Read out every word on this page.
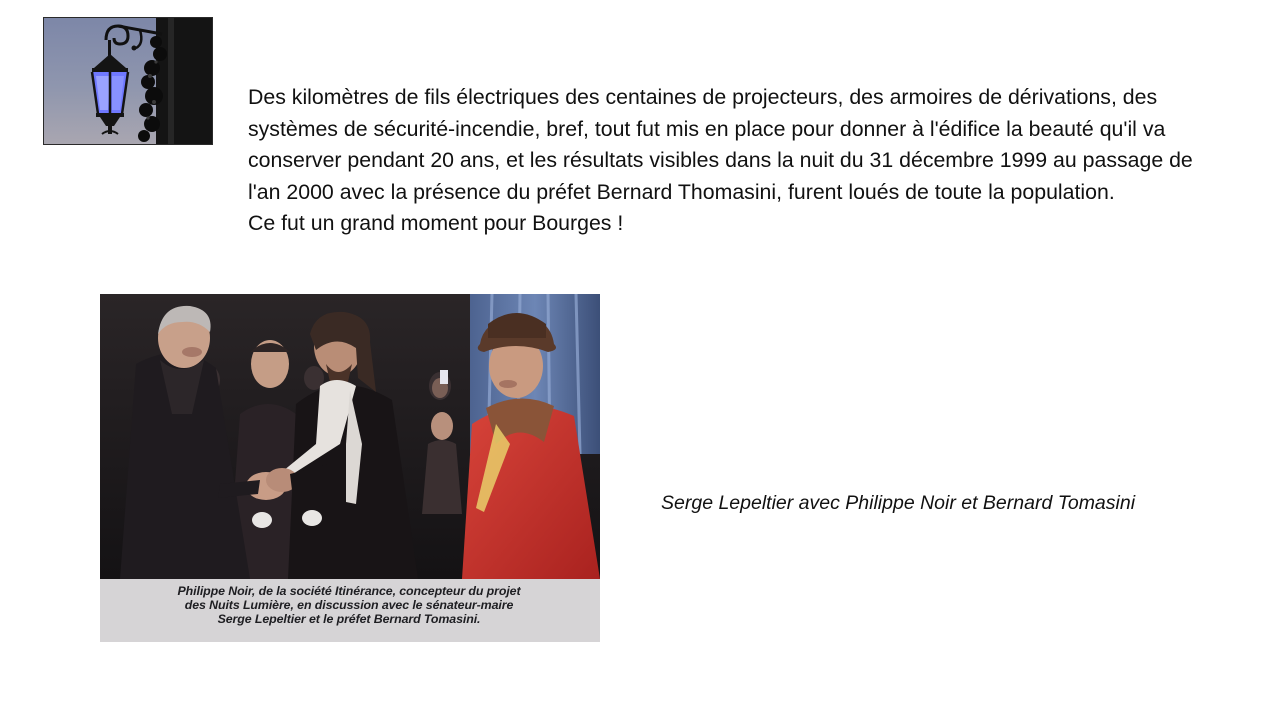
Des kilomètres de fils électriques des centaines de projecteurs, des armoires de dérivations, des systèmes de sécurité-incendie, bref, tout fut mis en place pour donner à l'édifice la beauté qu'il va conserver pendant 20 ans, et les résultats visibles dans la nuit du 31 décembre 1999 au passage de l'an 2000 avec la présence du préfet Bernard Thomasini, furent loués de toute la population.

Ce fut un grand moment pour Bourges !

Philippe Noir, de la société Itinérance, concepteur du projet
des Nuits Lumière, en discussion avec le sénateur-maire
Serge Lepeltier et le préfet Bernard Tomasini.
Serge Lepeltier avec Philippe Noir et Bernard Tomasini
